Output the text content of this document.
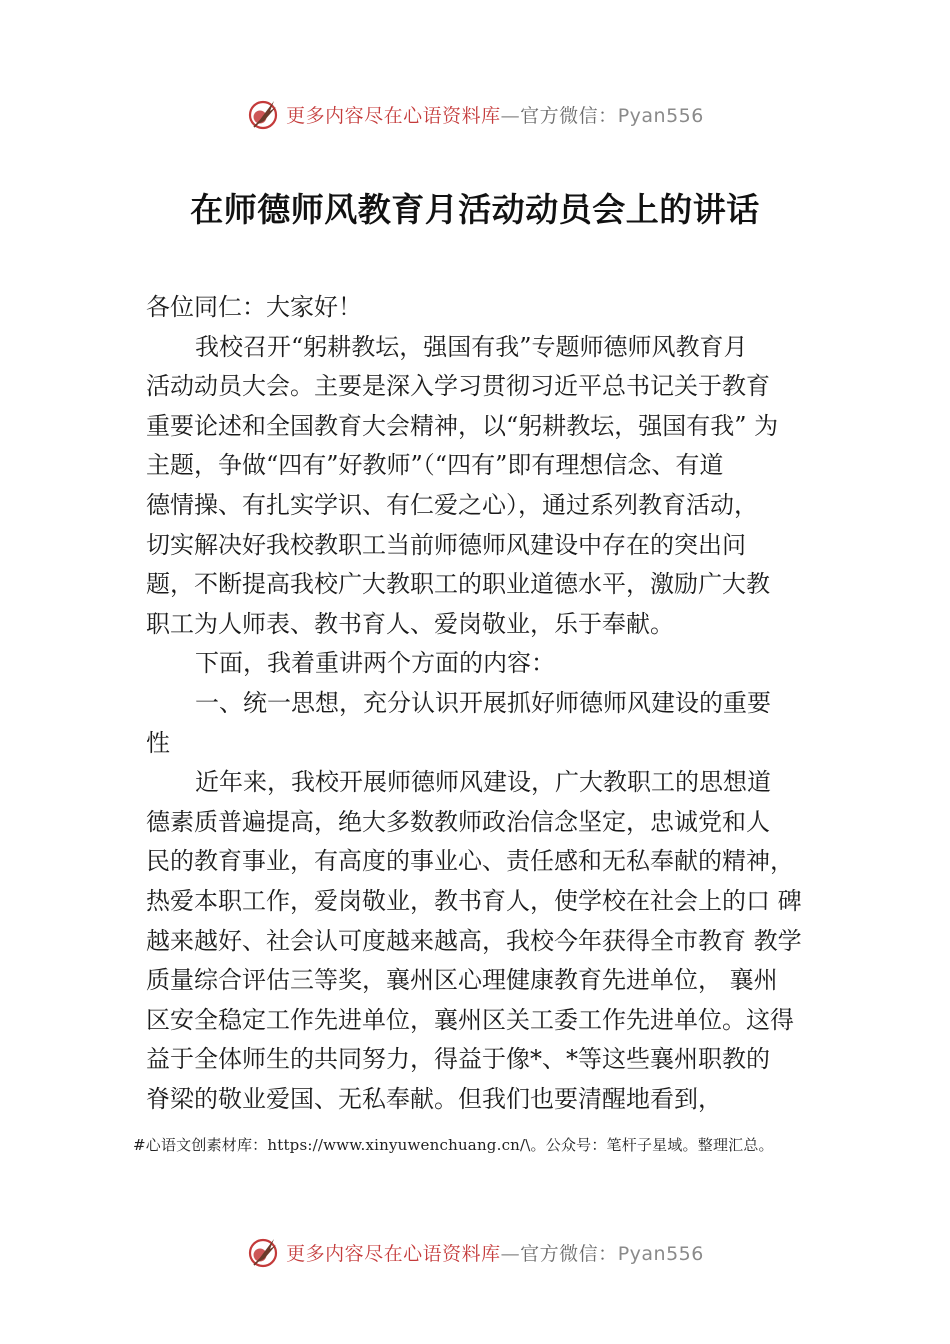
更多内容尽在心语资料库—官方微信：Pyan556
在师德师风教育月活动动员会上的讲话
各位同仁：大家好！
我校召开“躬耕教坛，强国有我”专题师德师风教育月
活动动员大会。主要是深入学习贯彻习近平总书记关于教育
重要论述和全国教育大会精神，以“躬耕教坛，强国有我” 为
主题，争做“四有”好教师”（“四有”即有理想信念、有道
德情操、有扎实学识、有仁爱之心），通过系列教育活动，
切实解决好我校教职工当前师德师风建设中存在的突出问
题，不断提高我校广大教职工的职业道德水平，激励广大教
职工为人师表、教书育人、爱岗敬业，乐于奉献。
下面，我着重讲两个方面的内容：
一、统一思想，充分认识开展抓好师德师风建设的重要
性
近年来，我校开展师德师风建设，广大教职工的思想道
德素质普遍提高，绝大多数教师政治信念坚定，忠诚党和人
民的教育事业，有高度的事业心、责任感和无私奉献的精神，
热爱本职工作，爱岗敬业，教书育人，使学校在社会上的口 碑
越来越好、社会认可度越来越高，我校今年获得全市教育 教学
质量综合评估三等奖，襄州区心理健康教育先进单位， 襄州
区安全稳定工作先进单位，襄州区关工委工作先进单位。这得
益于全体师生的共同努力，得益于像*、*等这些襄州职教的
脊梁的敬业爱国、无私奉献。但我们也要清醒地看到，
#心语文创素材库：https://www.xinyuwenchuang.cn/\。公众号：笔杆子星域。整理汇总。
更多内容尽在心语资料库—官方微信：Pyan556
